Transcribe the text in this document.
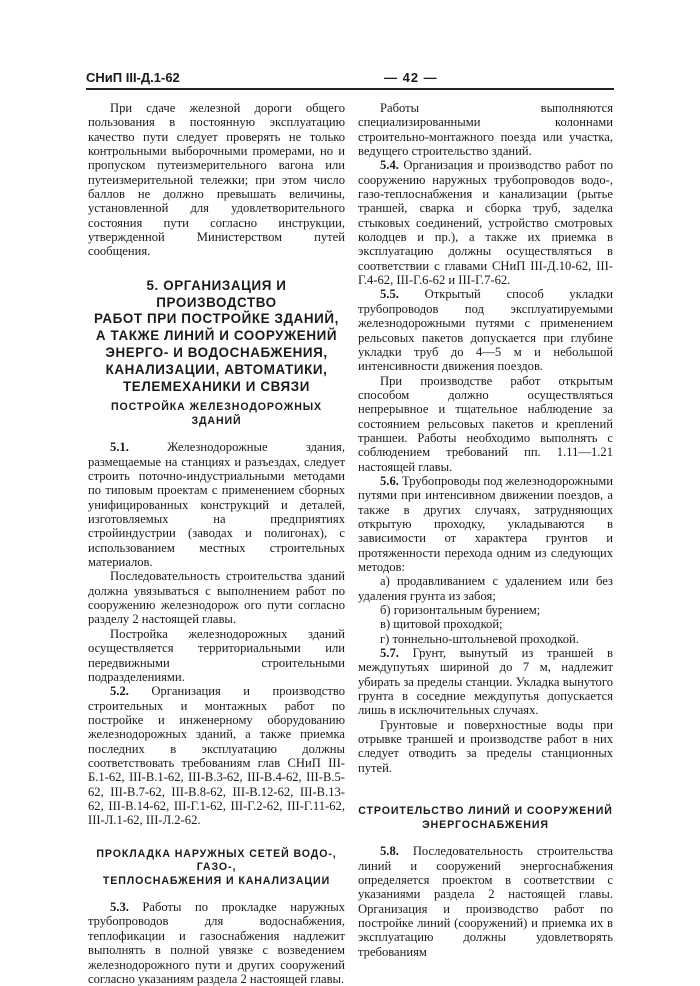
СНиП III-Д.1-62	— 42 —

При сдаче железной дороги общего пользования в постоянную эксплуатацию качество пути следует проверять не только контрольными выборочными промерами, но и пропуском путеизмерительного вагона или путеизмерительной тележки; при этом число баллов не должно превышать величины, установленной для удовлетворительного состояния пути согласно инструкции, утвержденной Министерством путей сообщения.

5. ОРГАНИЗАЦИЯ И ПРОИЗВОДСТВО
РАБОТ ПРИ ПОСТРОЙКЕ ЗДАНИЙ,
А ТАКЖЕ ЛИНИЙ И СООРУЖЕНИЙ
ЭНЕРГО- И ВОДОСНАБЖЕНИЯ,
КАНАЛИЗАЦИИ, АВТОМАТИКИ,
ТЕЛЕМЕХАНИКИ И СВЯЗИ
ПОСТРОЙКА ЖЕЛЕЗНОДОРОЖНЫХ ЗДАНИЙ

5.1.	Железнодорожные здания, размещаемые на станциях и разъездах, следует строить поточно-индустриальными методами по типовым проектам с применением сборных унифицированных конструкций и деталей, изготовляемых на предприятиях стройиндустрии (заводах и полигонах), с использованием местных строительных материалов.

Последовательность строительства зданий должна увязываться с выполнением работ по сооружению железнодорож ого пути согласно разделу 2 настоящей главы.

Постройка железнодорожных зданий осуществляется территориальными или передвижными строительными подразделениями.

5.2. Организация и производство строительных и монтажных работ по постройке и инженерному оборудованию железнодорожных зданий, а также приемка последних в эксплуатацию должны соответствовать требованиям глав СНиП III-Б.1-62, III-В.1-62, III-В.3-62, III-В.4-62, III-В.5-62, III-В.7-62, III-В.8-62, III-В.12-62, III-В.13-62, III-В.14-62, III-Г.1-62, III-Г.2-62, III-Г.11-62, III-Л.1-62, III-Л.2-62.

ПРОКЛАДКА НАРУЖНЫХ СЕТЕЙ ВОДО-, ГАЗО-,
ТЕПЛОСНАБЖЕНИЯ И КАНАЛИЗАЦИИ

5.3. Работы по прокладке наружных трубопроводов для водоснабжения, теплофикации и газоснабжения надлежит выполнять в полной увязке с возведением железнодорожного пути и других сооружений согласно указаниям раздела 2 настоящей главы.

Работы выполняются специализированными колоннами строительно-монтажного поезда или участка, ведущего строительство зданий.

5.4. Организация и производство работ по сооружению наружных трубопроводов водо-, газо-теплоснабжения и канализации (рытье траншей, сварка и сборка труб, заделка стыковых соединений, устройство смотровых колодцев и пр.), а также их приемка в эксплуатацию должны осуществляться в соответствии с главами СНиП III-Д.10-62, III-Г.4-62, III-Г.6-62 и III-Г.7-62.

5.5. Открытый способ укладки трубопроводов под эксплуатируемыми железнодорожными путями с применением рельсовых пакетов допускается при глубине укладки труб до 4—5 м и небольшой интенсивности движения поездов.

При производстве работ открытым способом должно осуществляться непрерывное и тщательное наблюдение за состоянием рельсовых пакетов и креплений траншеи. Работы необходимо выполнять с соблюдением требований пп. 1.11—1.21 настоящей главы.

5.6. Трубопроводы под железнодорожными путями при интенсивном движении поездов, а также в других случаях, затрудняющих открытую проходку, укладываются в зависимости от характера грунтов и протяженности перехода одним из следующих методов:

а) продавливанием с удалением или без удаления грунта из забоя;

б) горизонтальным бурением;

в) щитовой проходкой;

г) тоннельно-штольневой проходкой.

5.7. Грунт, вынутый из траншей в междупутьях шириной до 7 м, надлежит убирать за пределы станции. Укладка вынутого грунта в соседние междупутья допускается лишь в исключительных случаях.

Грунтовые и поверхностные воды при отрывке траншей и производстве работ в них следует отводить за пределы станционных путей.

СТРОИТЕЛЬСТВО ЛИНИЙ И СООРУЖЕНИЙ
ЭНЕРГОСНАБЖЕНИЯ

5.8. Последовательность строительства линий и сооружений энергоснабжения определяется проектом в соответствии с указаниями раздела 2 настоящей главы. Организация и производство работ по постройке линий (сооружений) и приемка их в эксплуатацию должны удовлетворять требованиям
